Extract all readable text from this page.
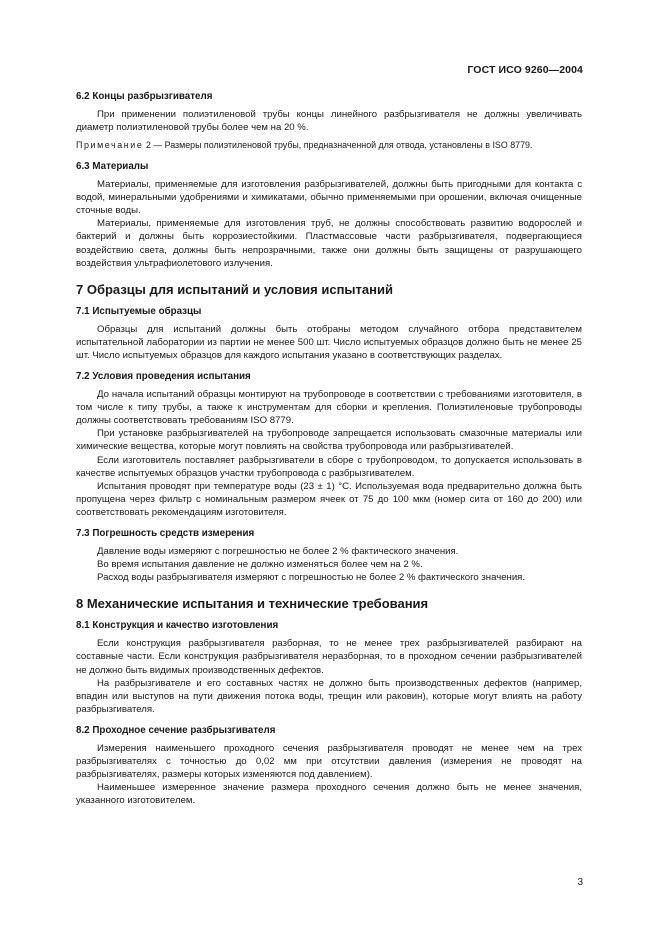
ГОСТ ИСО 9260—2004
6.2 Концы разбрызгивателя
При применении полиэтиленовой трубы концы линейного разбрызгивателя не должны увеличивать диаметр полиэтиленовой трубы более чем на 20 %.
Примечание 2 — Размеры полиэтиленовой трубы, предназначенной для отвода, установлены в ISO 8779.
6.3 Материалы
Материалы, применяемые для изготовления разбрызгивателей, должны быть пригодными для контакта с водой, минеральными удобрениями и химикатами, обычно применяемыми при орошении, включая очищенные сточные воды.
Материалы, применяемые для изготовления труб, не должны способствовать развитию водорослей и бактерий и должны быть коррозиестойкими. Пластмассовые части разбрызгивателя, подвергающиеся воздействию света, должны быть непрозрачными, также они должны быть защищены от разрушающего воздействия ультрафиолетового излучения.
7 Образцы для испытаний и условия испытаний
7.1 Испытуемые образцы
Образцы для испытаний должны быть отобраны методом случайного отбора представителем испытательной лаборатории из партии не менее 500 шт. Число испытуемых образцов должно быть не менее 25 шт. Число испытуемых образцов для каждого испытания указано в соответствующих разделах.
7.2 Условия проведения испытания
До начала испытаний образцы монтируют на трубопроводе в соответствии с требованиями изготовителя, в том числе к типу трубы, а также к инструментам для сборки и крепления. Полиэтиленовые трубопроводы должны соответствовать требованиям ISO 8779.
При установке разбрызгивателей на трубопроводе запрещается использовать смазочные материалы или химические вещества, которые могут повлиять на свойства трубопровода или разбрызгивателей.
Если изготовитель поставляет разбрызгиватели в сборе с трубопроводом, то допускается использовать в качестве испытуемых образцов участки трубопровода с разбрызгивателем.
Испытания проводят при температуре воды (23 ± 1) °С. Используемая вода предварительно должна быть пропущена через фильтр с номинальным размером ячеек от 75 до 100 мкм (номер сита от 160 до 200) или соответствовать рекомендациям изготовителя.
7.3 Погрешность средств измерения
Давление воды измеряют с погрешностью не более 2 % фактического значения.
Во время испытания давление не должно изменяться более чем на 2 %.
Расход воды разбрызгивателя измеряют с погрешностью не более 2 % фактического значения.
8 Механические испытания и технические требования
8.1 Конструкция и качество изготовления
Если конструкция разбрызгивателя разборная, то не менее трех разбрызгивателей разбирают на составные части. Если конструкция разбрызгивателя неразборная, то в проходном сечении разбрызгивателей не должно быть видимых производственных дефектов.
На разбрызгивателе и его составных частях не должно быть производственных дефектов (например, впадин или выступов на пути движения потока воды, трещин или раковин), которые могут влиять на работу разбрызгивателя.
8.2 Проходное сечение разбрызгивателя
Измерения наименьшего проходного сечения разбрызгивателя проводят не менее чем на трех разбрызгивателях с точностью до 0,02 мм при отсутствии давления (измерения не проводят на разбрызгивателях, размеры которых изменяются под давлением).
Наименьшее измеренное значение размера проходного сечения должно быть не менее значения, указанного изготовителем.
3
